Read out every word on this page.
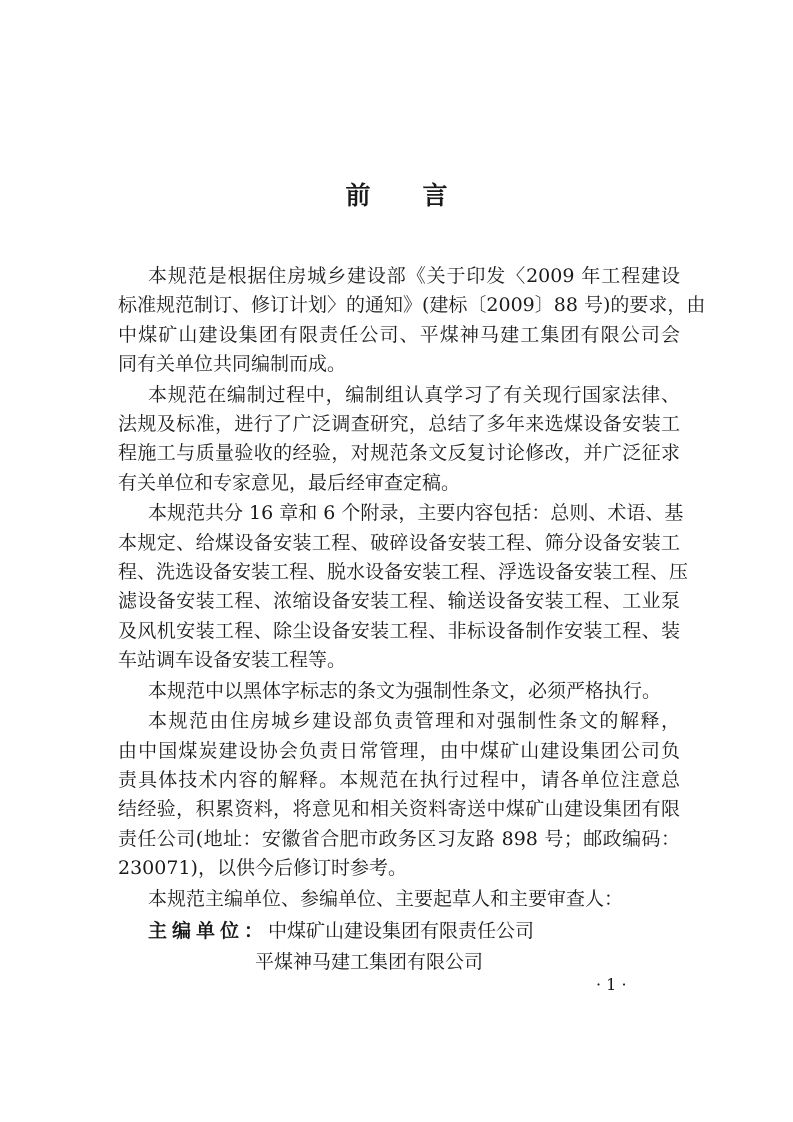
前言
本规范是根据住房城乡建设部《关于印发〈2009 年工程建设
标准规范制订、修订计划〉的通知》(建标〔2009〕88 号)的要求，由
中煤矿山建设集团有限责任公司、平煤神马建工集团有限公司会
同有关单位共同编制而成。
本规范在编制过程中，编制组认真学习了有关现行国家法律、
法规及标准，进行了广泛调查研究，总结了多年来选煤设备安装工
程施工与质量验收的经验，对规范条文反复讨论修改，并广泛征求
有关单位和专家意见，最后经审查定稿。
本规范共分 16 章和 6 个附录，主要内容包括：总则、术语、基
本规定、给煤设备安装工程、破碎设备安装工程、筛分设备安装工
程、洗选设备安装工程、脱水设备安装工程、浮选设备安装工程、压
滤设备安装工程、浓缩设备安装工程、输送设备安装工程、工业泵
及风机安装工程、除尘设备安装工程、非标设备制作安装工程、装
车站调车设备安装工程等。
本规范中以黑体字标志的条文为强制性条文，必须严格执行。
本规范由住房城乡建设部负责管理和对强制性条文的解释，
由中国煤炭建设协会负责日常管理，由中煤矿山建设集团公司负
责具体技术内容的解释。本规范在执行过程中，请各单位注意总
结经验，积累资料，将意见和相关资料寄送中煤矿山建设集团有限
责任公司(地址：安徽省合肥市政务区习友路 898 号；邮政编码：
230071)，以供今后修订时参考。
本规范主编单位、参编单位、主要起草人和主要审查人：
主编单位：中煤矿山建设集团有限责任公司
平煤神马建工集团有限公司
· 1 ·
